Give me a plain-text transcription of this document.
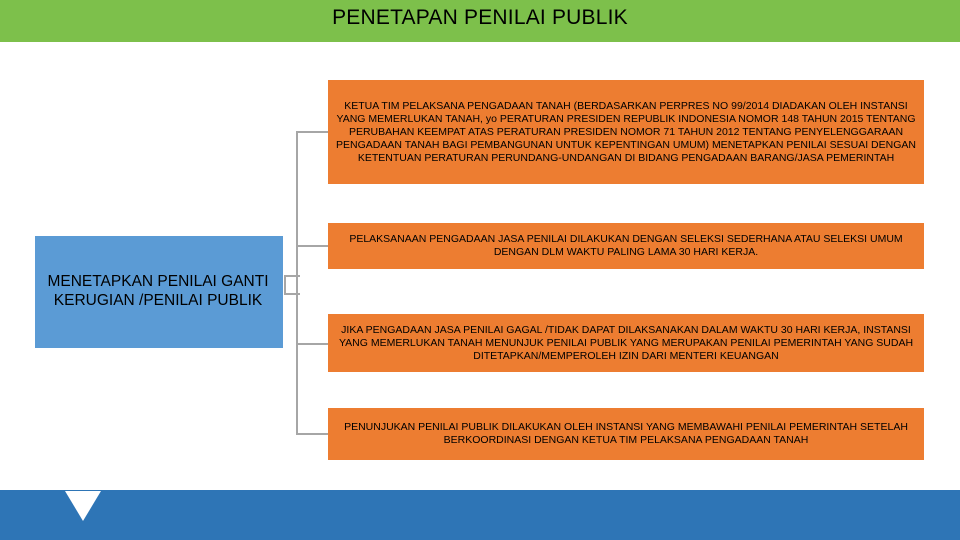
PENETAPAN PENILAI PUBLIK
MENETAPKAN PENILAI GANTI
KERUGIAN /PENILAI PUBLIK
KETUA TIM PELAKSANA PENGADAAN TANAH (BERDASARKAN PERPRES NO 99/2014 DIADAKAN OLEH INSTANSI YANG MEMERLUKAN TANAH, yo PERATURAN PRESIDEN REPUBLIK INDONESIA NOMOR 148 TAHUN 2015 TENTANG PERUBAHAN KEEMPAT ATAS PERATURAN PRESIDEN NOMOR 71 TAHUN 2012 TENTANG PENYELENGGARAAN PENGADAAN TANAH BAGI PEMBANGUNAN UNTUK KEPENTINGAN UMUM) MENETAPKAN PENILAI SESUAI DENGAN KETENTUAN PERATURAN PERUNDANG-UNDANGAN DI BIDANG PENGADAAN BARANG/JASA PEMERINTAH
PELAKSANAAN PENGADAAN JASA PENILAI DILAKUKAN DENGAN SELEKSI SEDERHANA ATAU SELEKSI UMUM DENGAN DLM WAKTU PALING LAMA 30 HARI KERJA.
JIKA PENGADAAN JASA PENILAI GAGAL /TIDAK DAPAT DILAKSANAKAN DALAM WAKTU 30 HARI KERJA, INSTANSI YANG MEMERLUKAN TANAH MENUNJUK PENILAI PUBLIK YANG MERUPAKAN PENILAI PEMERINTAH YANG SUDAH DITETAPKAN/MEMPEROLEH IZIN DARI MENTERI KEUANGAN
PENUNJUKAN PENILAI PUBLIK DILAKUKAN OLEH INSTANSI YANG MEMBAWAHI PENILAI PEMERINTAH SETELAH BERKOORDINASI DENGAN KETUA TIM PELAKSANA PENGADAAN TANAH
